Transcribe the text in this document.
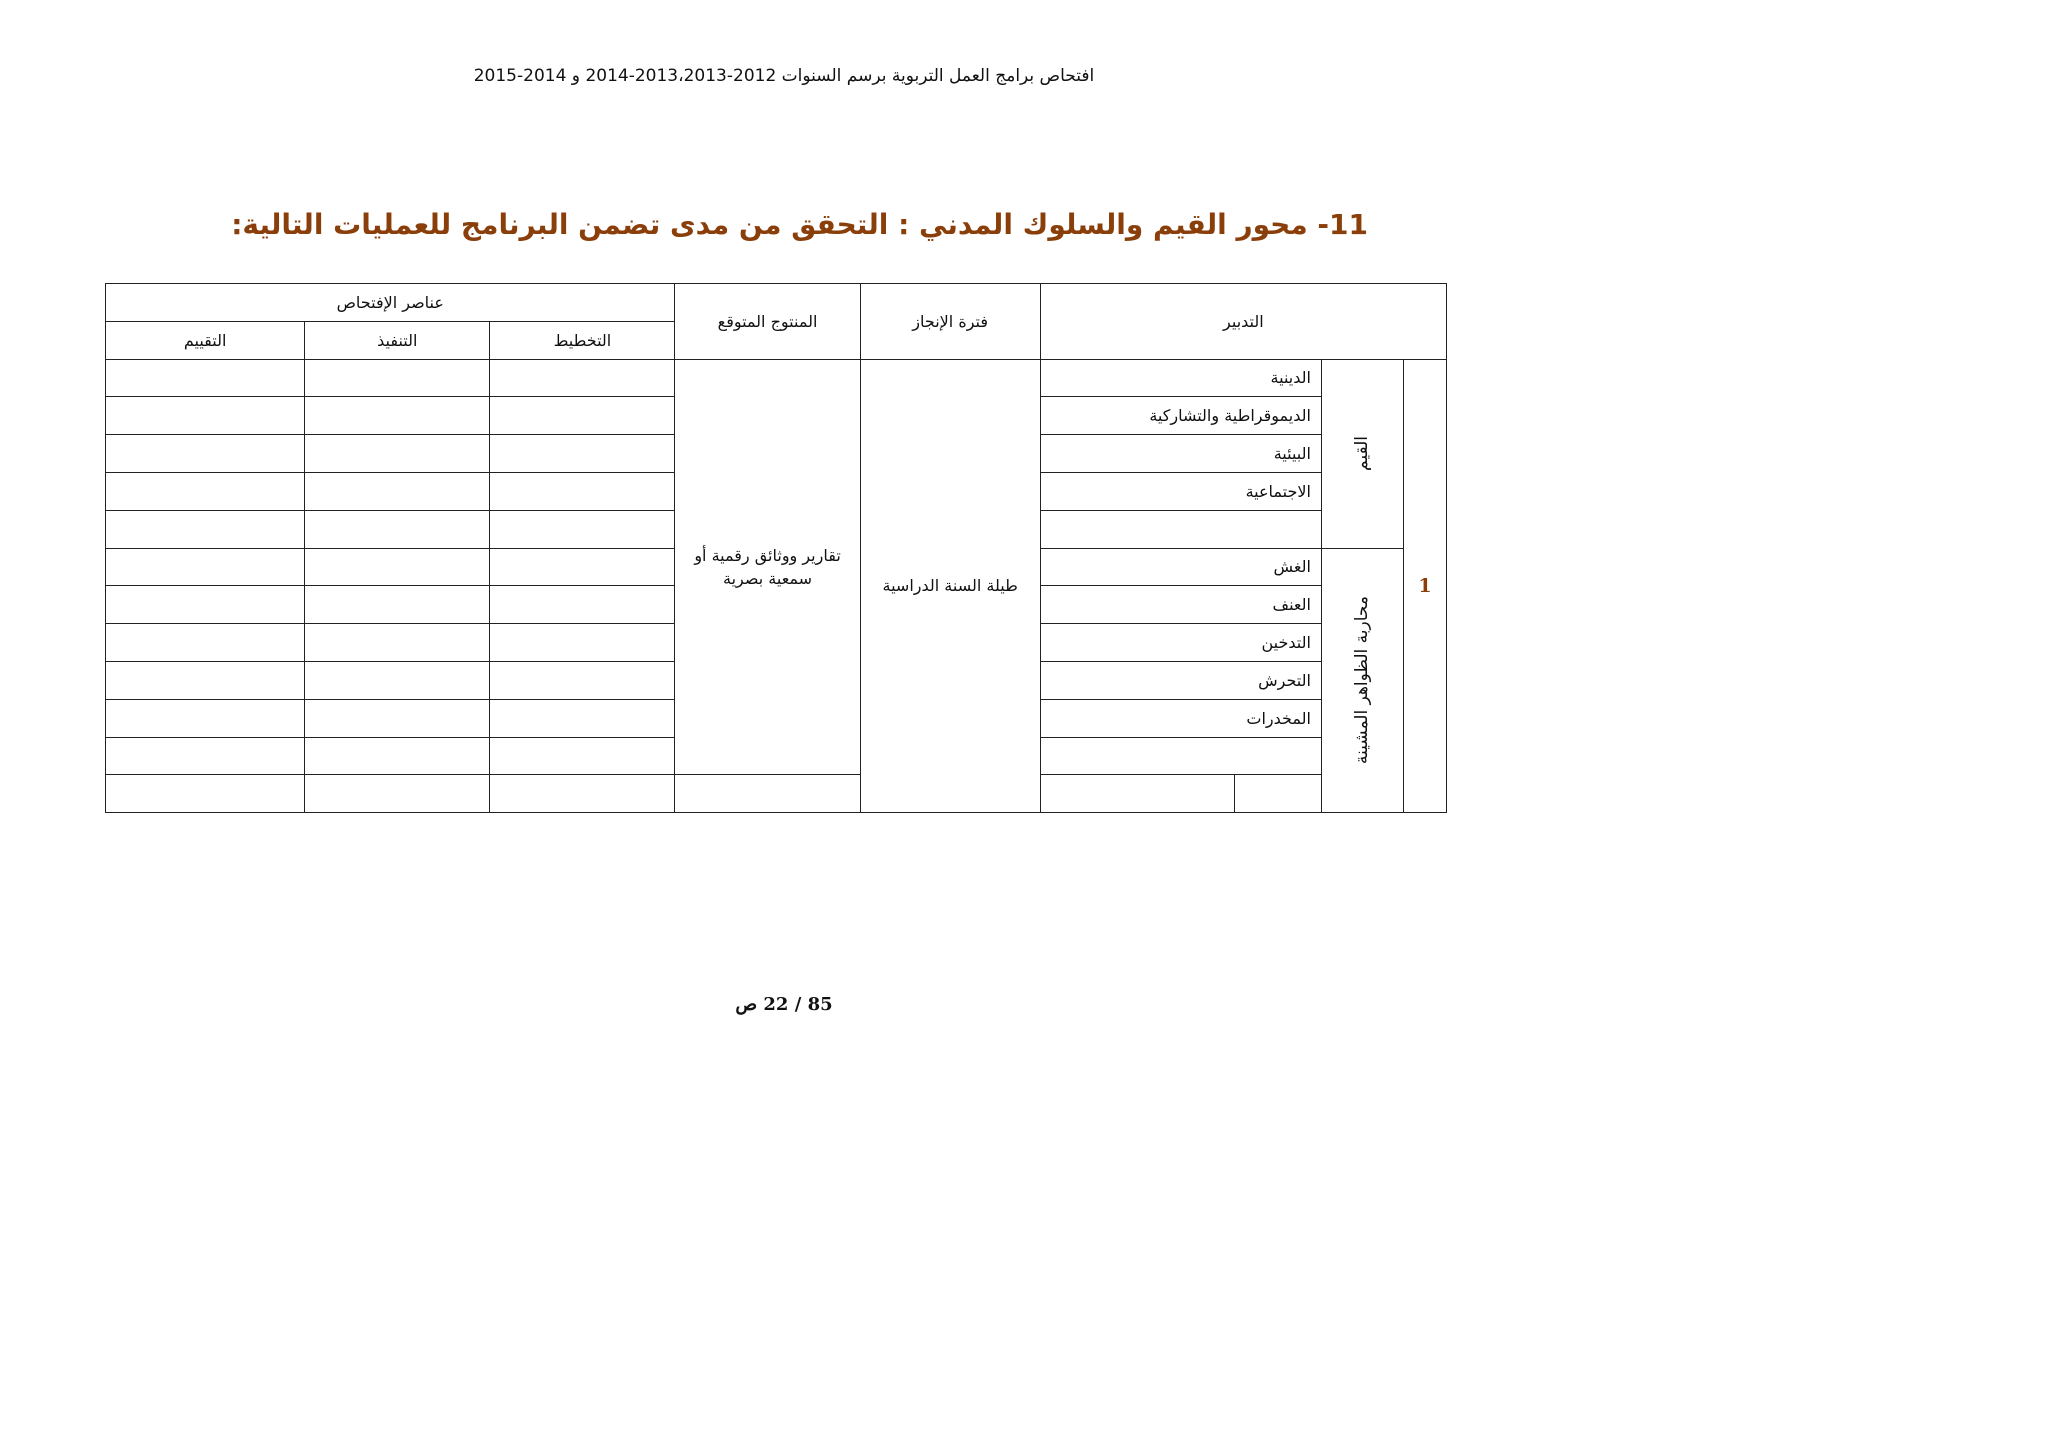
افتحاص برامج العمل التربوية برسم السنوات 2012-2013،2013-2014 و 2014-2015
11- محور القيم والسلوك المدني : التحقق من مدى تضمن البرنامج للعمليات التالية:
التدبير				فترة الإنجاز	المنتوج المتوقع	عناصر الإفتحاص		
						التخطيط	التنفيذ	التقييم
1	القيم	الدينية		طيلة السنة الدراسية	تقارير ووثائق رقمية أو
سمعية بصرية			

		الديموقراطية والتشاركية						
		البيئية						
		الاجتماعية						

	محاربة الظواهر المشينة	الغش						
		العنف						
		التدخين						
		التحرش						
		المخدرات						

85 / 22 ص
